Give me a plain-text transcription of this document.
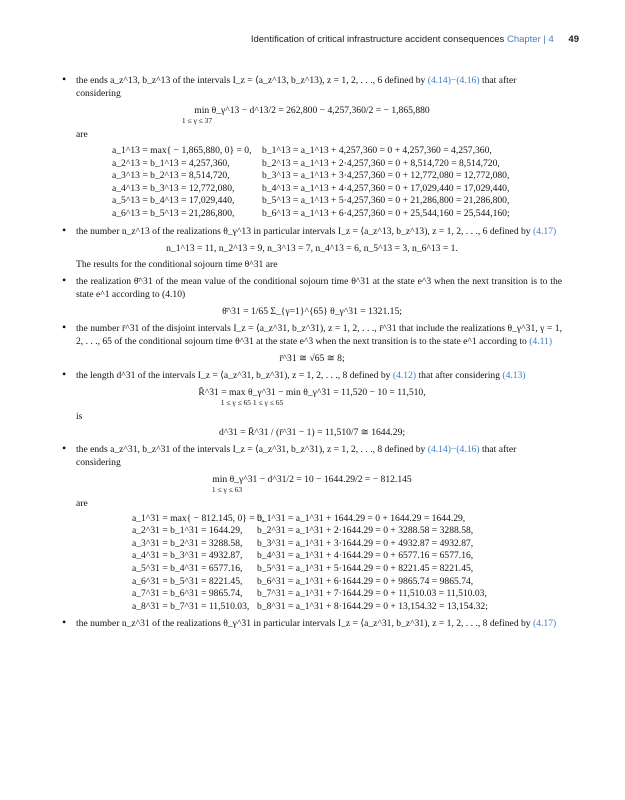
Identification of critical infrastructure accident consequences Chapter | 4 49
• the ends a_z^13, b_z^13 of the intervals I_z = ⟨a_z^13, b_z^13), z = 1, 2, . . ., 6 defined by (4.14)−(4.16) that after considering
min θ_γ^13 − d^13/2 = 262,800 − 4,257,360/2 = − 1,865,880
1 ≤ γ ≤ 37
are
a_1^13 = max{ − 1,865,880, 0} = 0,	b_1^13 = a_1^13 + 4,257,360 = 0 + 4,257,360 = 4,257,360,
a_2^13 = b_1^13 = 4,257,360,	b_2^13 = a_1^13 + 2·4,257,360 = 0 + 8,514,720 = 8,514,720,
a_3^13 = b_2^13 = 8,514,720,	b_3^13 = a_1^13 + 3·4,257,360 = 0 + 12,772,080 = 12,772,080,
a_4^13 = b_3^13 = 12,772,080,	b_4^13 = a_1^13 + 4·4,257,360 = 0 + 17,029,440 = 17,029,440,
a_5^13 = b_4^13 = 17,029,440,	b_5^13 = a_1^13 + 5·4,257,360 = 0 + 21,286,800 = 21,286,800,
a_6^13 = b_5^13 = 21,286,800,	b_6^13 = a_1^13 + 6·4,257,360 = 0 + 25,544,160 = 25,544,160;
• the number n_z^13 of the realizations θ_γ^13 in particular intervals I_z = ⟨a_z^13, b_z^13), z = 1, 2, . . ., 6 defined by (4.17)
n_1^13 = 11, n_2^13 = 9, n_3^13 = 7, n_4^13 = 6, n_5^13 = 3, n_6^13 = 1.
The results for the conditional sojourn time θ^31 are
• the realization θ̄^31 of the mean value of the conditional sojourn time θ^31 at the state e^3 when the next transition is to the state e^1 according to (4.10)
θ̄^31 = 1/65 Σ_{γ=1}^{65} θ_γ^31 = 1321.15;
• the number r̄^31 of the disjoint intervals I_z = ⟨a_z^31, b_z^31), z = 1, 2, . . ., r̄^31 that include the realizations θ_γ^31, γ = 1, 2, . . ., 65 of the conditional sojourn time θ^31 at the state e^3 when the next transition is to the state e^1 according to (4.11)
r̄^31 ≅ √65 ≅ 8;
• the length d^31 of the intervals I_z = ⟨a_z^31, b_z^31), z = 1, 2, . . ., 8 defined by (4.12) that after considering (4.13)
R̄^31 = max θ_γ^31 − min θ_γ^31 = 11,520 − 10 = 11,510,
1 ≤ γ ≤ 65 1 ≤ γ ≤ 65
is
d^31 = R̄^31 / (r̄^31 − 1) = 11,510/7 ≅ 1644.29;
• the ends a_z^31, b_z^31 of the intervals I_z = ⟨a_z^31, b_z^31), z = 1, 2, . . ., 8 defined by (4.14)−(4.16) that after considering
min θ_γ^31 − d^31/2 = 10 − 1644.29/2 = − 812.145
1 ≤ γ ≤ 63
are
a_1^31 = max{ − 812.145, 0} = 0,
b_1^31 = a_1^31 + 1644.29 = 0 + 1644.29 = 1644.29,
a_2^31 = b_1^31 = 1644.29,	b_2^31 = a_1^31 + 2·1644.29 = 0 + 3288.58 = 3288.58,
a_3^31 = b_2^31 = 3288.58,	b_3^31 = a_1^31 + 3·1644.29 = 0 + 4932.87 = 4932.87,
a_4^31 = b_3^31 = 4932.87,	b_4^31 = a_1^31 + 4·1644.29 = 0 + 6577.16 = 6577.16,
a_5^31 = b_4^31 = 6577.16,	b_5^31 = a_1^31 + 5·1644.29 = 0 + 8221.45 = 8221.45,
a_6^31 = b_5^31 = 8221.45,	b_6^31 = a_1^31 + 6·1644.29 = 0 + 9865.74 = 9865.74,
a_7^31 = b_6^31 = 9865.74,	b_7^31 = a_1^31 + 7·1644.29 = 0 + 11,510.03 = 11,510.03,
a_8^31 = b_7^31 = 11,510.03, b_8^31 = a_1^31 + 8·1644.29 = 0 + 13,154.32 = 13,154.32;
• the number n_z^31 of the realizations θ_γ^31 in particular intervals I_z = ⟨a_z^31, b_z^31), z = 1, 2, . . ., 8 defined by (4.17)
